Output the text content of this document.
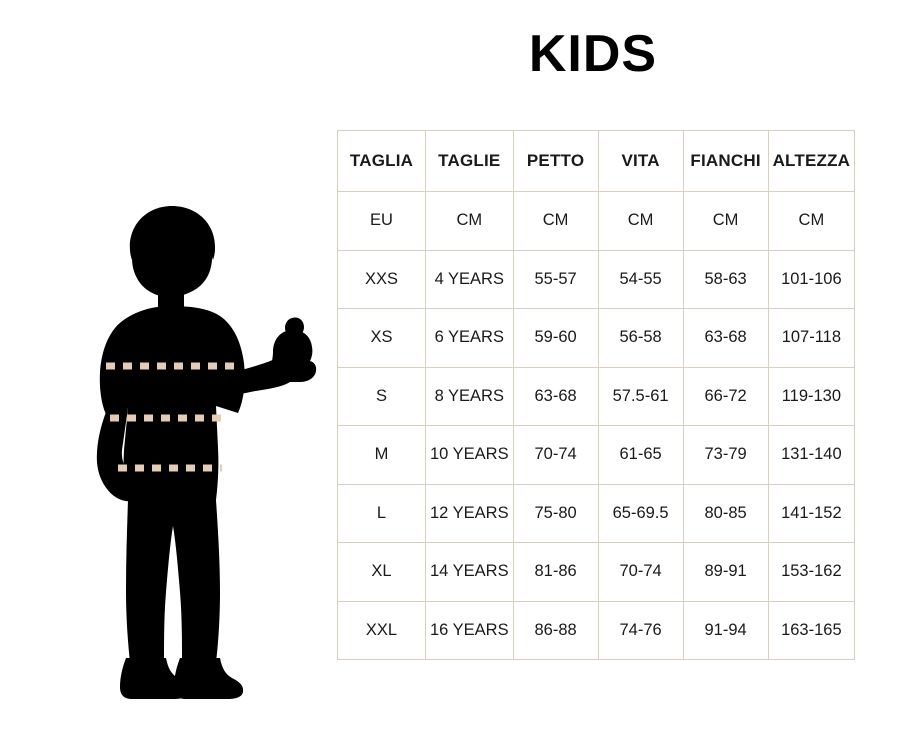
KIDS
TAGLIA	TAGLIE	PETTO	VITA	FIANCHI	ALTEZZA
EU	CM	CM	CM	CM	CM
XXS	4 YEARS	55-57	54-55	58-63	101-106
XS	6 YEARS	59-60	56-58	63-68	107-118
S	8 YEARS	63-68	57.5-61	66-72	119-130
M	10 YEARS	70-74	61-65	73-79	131-140
L	12 YEARS	75-80	65-69.5	80-85	141-152
XL	14 YEARS	81-86	70-74	89-91	153-162
XXL	16 YEARS	86-88	74-76	91-94	163-165
